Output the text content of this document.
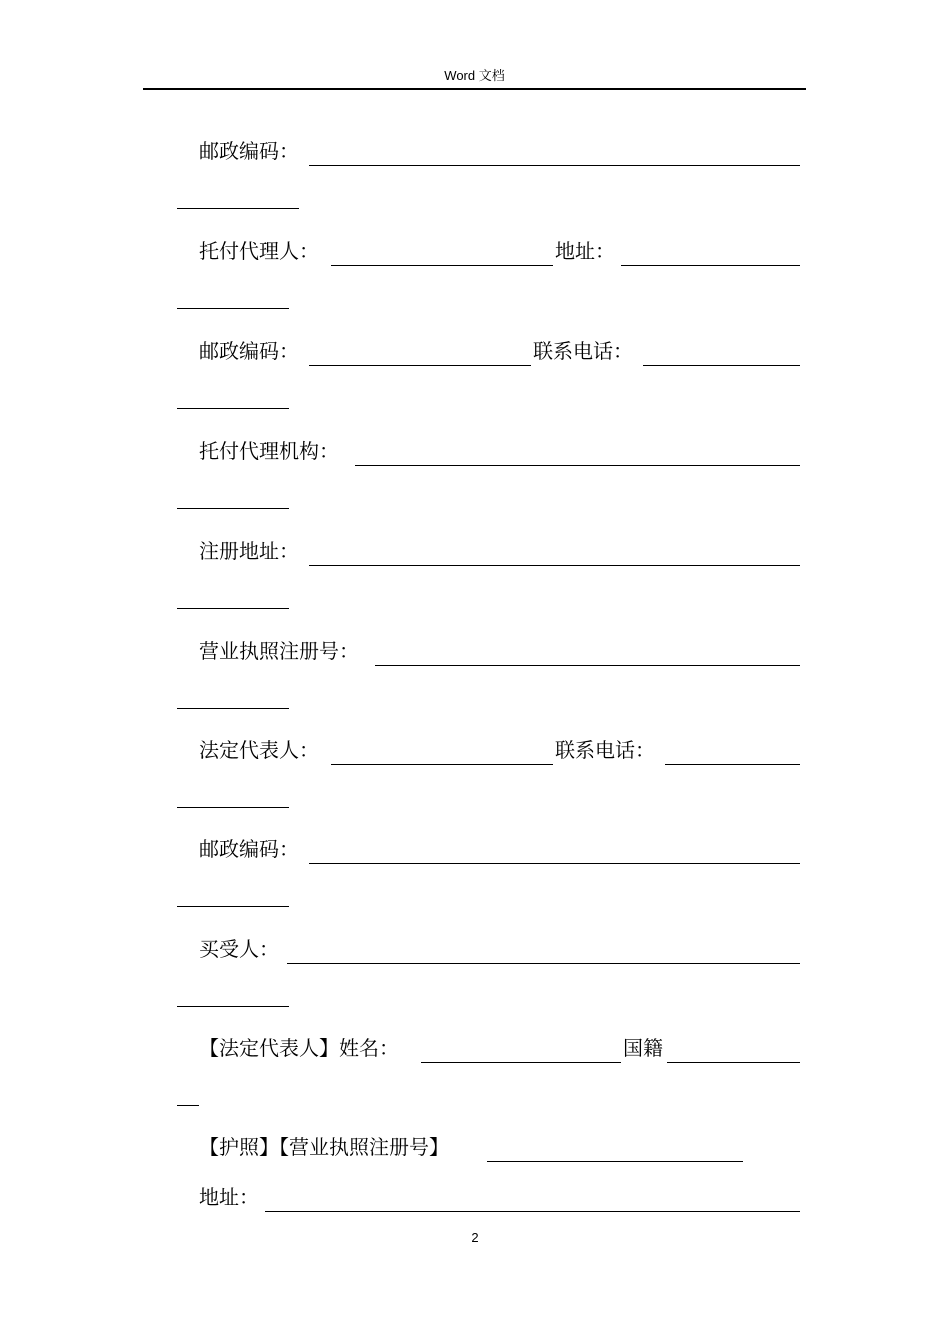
Word 文档
邮政编码：
托付代理人：	地址：
邮政编码：	联系电话：
托付代理机构：
注册地址：
营业执照注册号：
法定代表人：	联系电话：
邮政编码：
买受人：
【法定代表人】姓名：	国籍
【护照】【营业执照注册号】
地址：
2
